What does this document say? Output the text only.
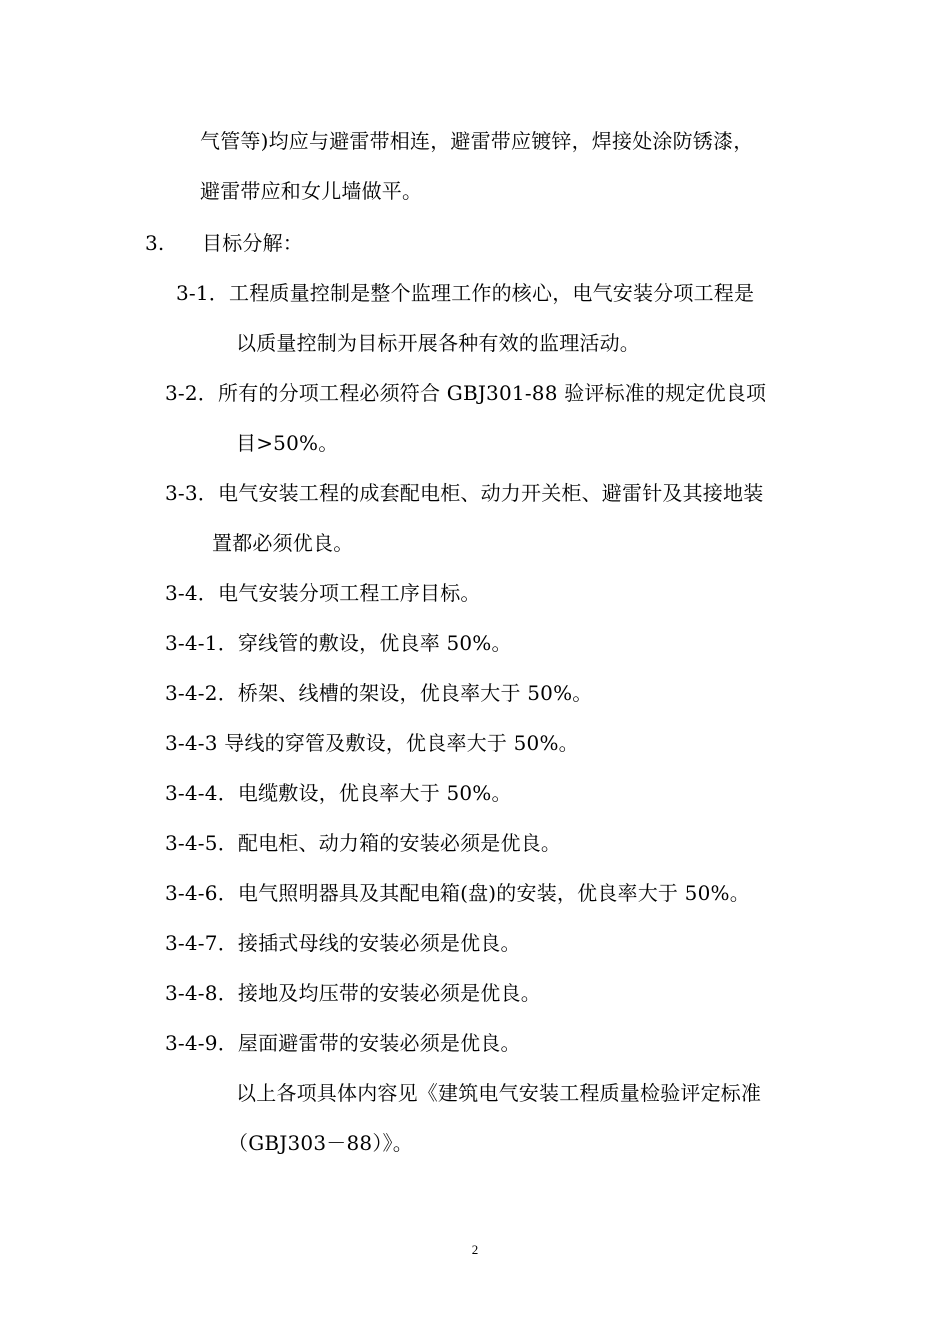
气管等)均应与避雷带相连，避雷带应镀锌，焊接处涂防锈漆，
避雷带应和女儿墙做平。
3. 目标分解：
3-1．工程质量控制是整个监理工作的核心，电气安装分项工程是
以质量控制为目标开展各种有效的监理活动。
3-2．所有的分项工程必须符合 GBJ301-88 验评标准的规定优良项
目>50%。
3-3．电气安装工程的成套配电柜、动力开关柜、避雷针及其接地装
置都必须优良。
3-4．电气安装分项工程工序目标。
3-4-1．穿线管的敷设，优良率 50%。
3-4-2．桥架、线槽的架设，优良率大于 50%。
3-4-3 导线的穿管及敷设，优良率大于 50%。
3-4-4．电缆敷设，优良率大于 50%。
3-4-5．配电柜、动力箱的安装必须是优良。
3-4-6．电气照明器具及其配电箱(盘)的安装，优良率大于 50%。
3-4-7．接插式母线的安装必须是优良。
3-4-8．接地及均压带的安装必须是优良。
3-4-9．屋面避雷带的安装必须是优良。
以上各项具体内容见《建筑电气安装工程质量检验评定标准
（GBJ303－88）》。
2
